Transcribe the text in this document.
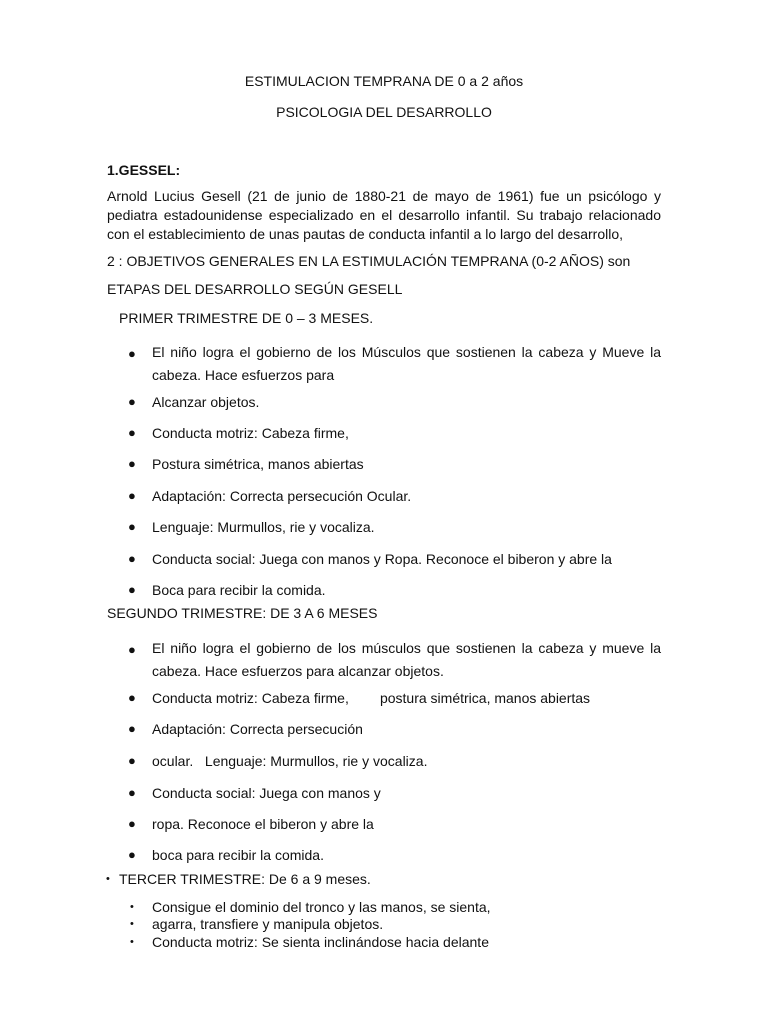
ESTIMULACION TEMPRANA DE 0 a 2 años
PSICOLOGIA DEL DESARROLLO
1.GESSEL:
Arnold Lucius Gesell (21 de junio de 1880-21 de mayo de 1961) fue un psicólogo y pediatra estadounidense especializado en el desarrollo infantil. Su trabajo relacionado con el establecimiento de unas pautas de conducta infantil a lo largo del desarrollo,
2 : OBJETIVOS GENERALES EN LA ESTIMULACIÓN TEMPRANA (0-2 AÑOS) son
ETAPAS DEL DESARROLLO SEGÚN GESELL
PRIMER TRIMESTRE DE 0 – 3 MESES.
● El niño logra el gobierno de los Músculos que sostienen la cabeza y Mueve la cabeza. Hace esfuerzos para
● Alcanzar objetos.
● Conducta motriz: Cabeza firme,
● Postura simétrica, manos abiertas
● Adaptación: Correcta persecución Ocular.
● Lenguaje: Murmullos, rie y vocaliza.
● Conducta social: Juega con manos y Ropa. Reconoce el biberon y abre la
● Boca para recibir la comida.
SEGUNDO TRIMESTRE: DE 3 A 6 MESES
● El niño logra el gobierno de los músculos que sostienen la cabeza y mueve la cabeza. Hace esfuerzos para alcanzar objetos.
● Conducta motriz: Cabeza firme,        postura simétrica, manos abiertas
● Adaptación: Correcta persecución
● ocular.   Lenguaje: Murmullos, rie y vocaliza.
● Conducta social: Juega con manos y
● ropa. Reconoce el biberon y abre la
● boca para recibir la comida.
• TERCER TRIMESTRE: De 6 a 9 meses.
• Consigue el dominio del tronco y las manos, se sienta,
• agarra, transfiere y manipula objetos.
• Conducta motriz: Se sienta inclinándose hacia delante
